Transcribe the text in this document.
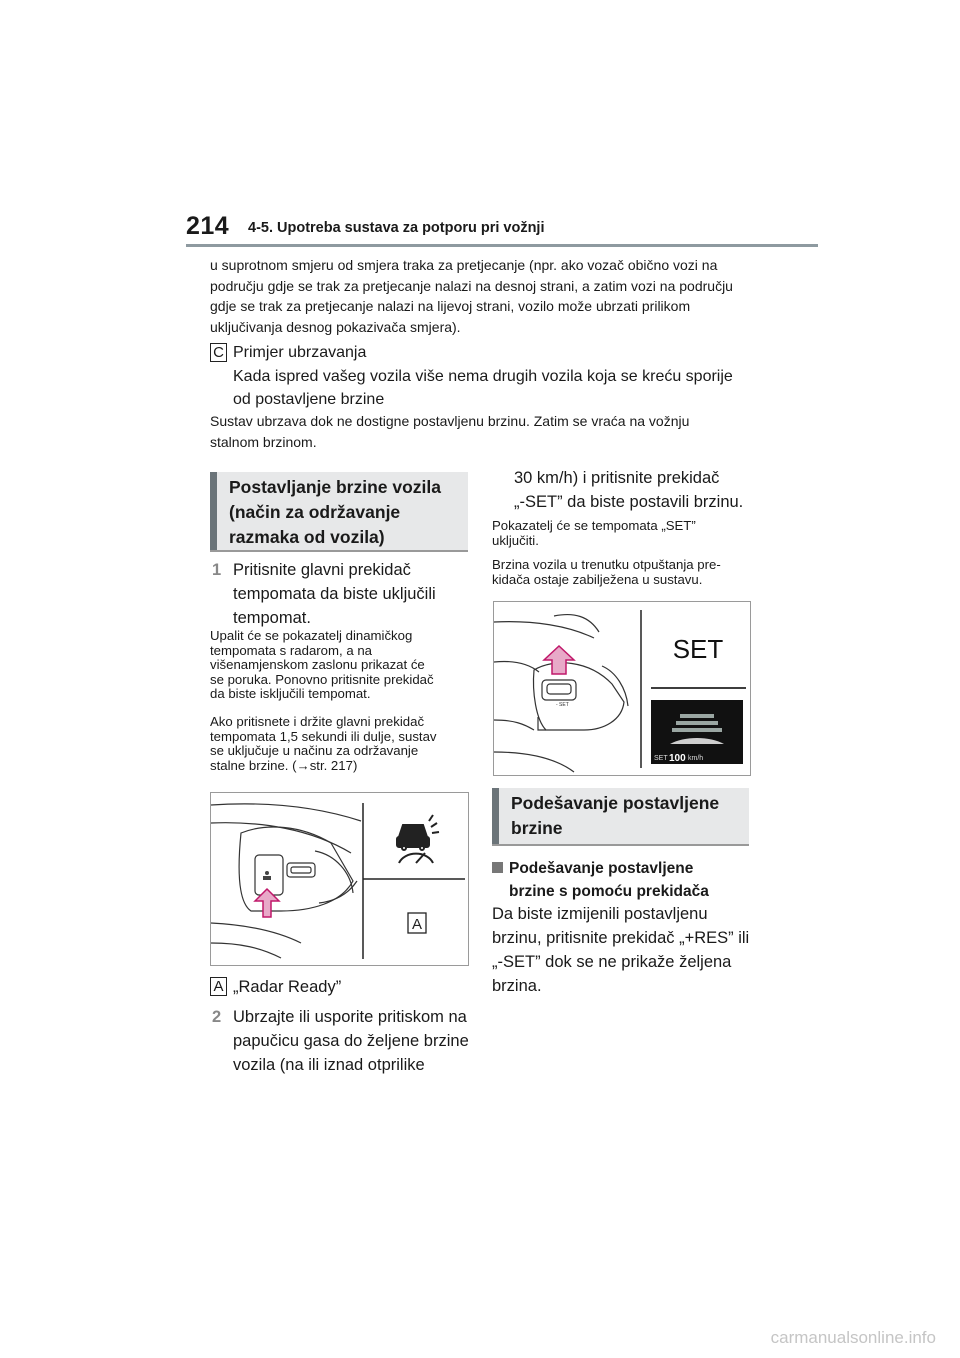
214 4-5. Upotreba sustava za potporu pri vožnji
u suprotnom smjeru od smjera traka za pretjecanje (npr. ako vozač obično vozi na
području gdje se trak za pretjecanje nalazi na desnoj strani, a zatim vozi na području
gdje se trak za pretjecanje nalazi na lijevoj strani, vozilo može ubrzati prilikom
uključivanja desnog pokazivača smjera).
C Primjer ubrzavanja
Kada ispred vašeg vozila više nema drugih vozila koja se kreću sporije
od postavljene brzine
Sustav ubrzava dok ne dostigne postavljenu brzinu. Zatim se vraća na vožnju
stalnom brzinom.
Postavljanje brzine vozila
(način za održavanje
razmaka od vozila)
1 Pritisnite glavni prekidač
tempomata da biste uključili
tempomat.
Upalit će se pokazatelj dinamičkog
tempomata s radarom, a na
višenamjenskom zaslonu prikazat će
se poruka. Ponovno pritisnite prekidač
da biste isključili tempomat.
Ako pritisnete i držite glavni prekidač
tempomata 1,5 sekundi ili dulje, sustav
se uključuje u načinu za održavanje
stalne brzine. (→str. 217)
A
A „Radar Ready”
2 Ubrzajte ili usporite pritiskom na
papučicu gasa do željene brzine
vozila (na ili iznad otprilike
30 km/h) i pritisnite prekidač
„-SET” da biste postavili brzinu.
Pokazatelj će se tempomata „SET”
uključiti.
Brzina vozila u trenutku otpuštanja pre-
kidača ostaje zabilježena u sustavu.
- SET
SET
SET 100 km/h
Podešavanje postavljene
brzine
Podešavanje postavljene
brzine s pomoću prekidača
Da biste izmijenili postavljenu
brzinu, pritisnite prekidač „+RES” ili
„-SET” dok se ne prikaže željena
brzina.
carmanualsonline.info
